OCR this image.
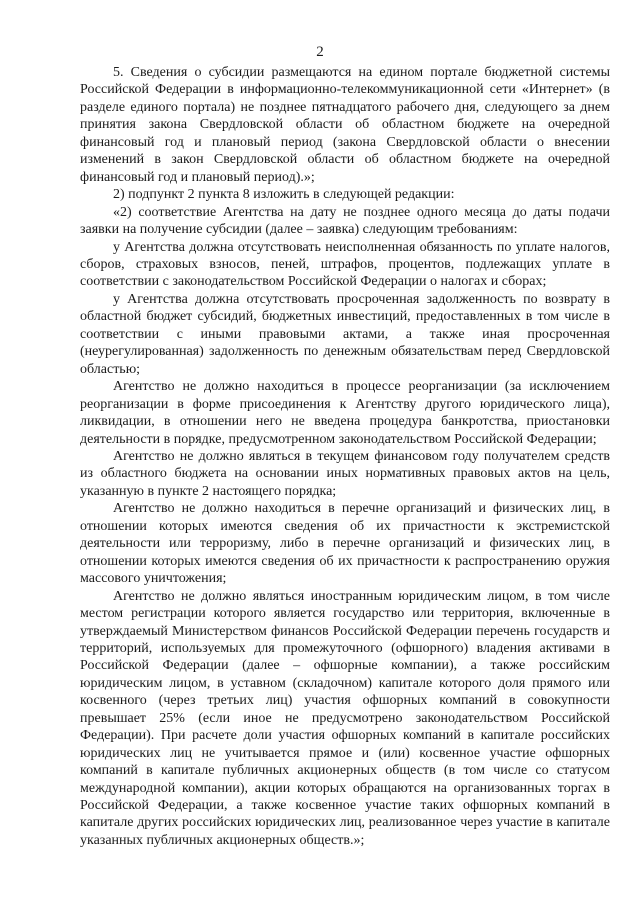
2

5. Сведения о субсидии размещаются на едином портале бюджетной системы Российской Федерации в информационно-телекоммуникационной сети «Интернет» (в разделе единого портала) не позднее пятнадцатого рабочего дня, следующего за днем принятия закона Свердловской области об областном бюджете на очередной финансовый год и плановый период (закона Свердловской области о внесении изменений в закон Свердловской области об областном бюджете на очередной финансовый год и плановый период).»;

2) подпункт 2 пункта 8 изложить в следующей редакции:

«2) соответствие Агентства на дату не позднее одного месяца до даты подачи заявки на получение субсидии (далее – заявка) следующим требованиям:

у Агентства должна отсутствовать неисполненная обязанность по уплате налогов, сборов, страховых взносов, пеней, штрафов, процентов, подлежащих уплате в соответствии с законодательством Российской Федерации о налогах и сборах;

у Агентства должна отсутствовать просроченная задолженность по возврату в областной бюджет субсидий, бюджетных инвестиций, предоставленных в том числе в соответствии с иными правовыми актами, а также иная просроченная (неурегулированная) задолженность по денежным обязательствам перед Свердловской областью;

Агентство не должно находиться в процессе реорганизации (за исключением реорганизации в форме присоединения к Агентству другого юридического лица), ликвидации, в отношении него не введена процедура банкротства, приостановки деятельности в порядке, предусмотренном законодательством Российской Федерации;

Агентство не должно являться в текущем финансовом году получателем средств из областного бюджета на основании иных нормативных правовых актов на цель, указанную в пункте 2 настоящего порядка;

Агентство не должно находиться в перечне организаций и физических лиц, в отношении которых имеются сведения об их причастности к экстремистской деятельности или терроризму, либо в перечне организаций и физических лиц, в отношении которых имеются сведения об их причастности к распространению оружия массового уничтожения;

Агентство не должно являться иностранным юридическим лицом, в том числе местом регистрации которого является государство или территория, включенные в утверждаемый Министерством финансов Российской Федерации перечень государств и территорий, используемых для промежуточного (офшорного) владения активами в Российской Федерации (далее – офшорные компании), а также российским юридическим лицом, в уставном (складочном) капитале которого доля прямого или косвенного (через третьих лиц) участия офшорных компаний в совокупности превышает 25% (если иное не предусмотрено законодательством Российской Федерации). При расчете доли участия офшорных компаний в капитале российских юридических лиц не учитывается прямое и (или) косвенное участие офшорных компаний в капитале публичных акционерных обществ (в том числе со статусом международной компании), акции которых обращаются на организованных торгах в Российской Федерации, а также косвенное участие таких офшорных компаний в капитале других российских юридических лиц, реализованное через участие в капитале указанных публичных акционерных обществ.»;
